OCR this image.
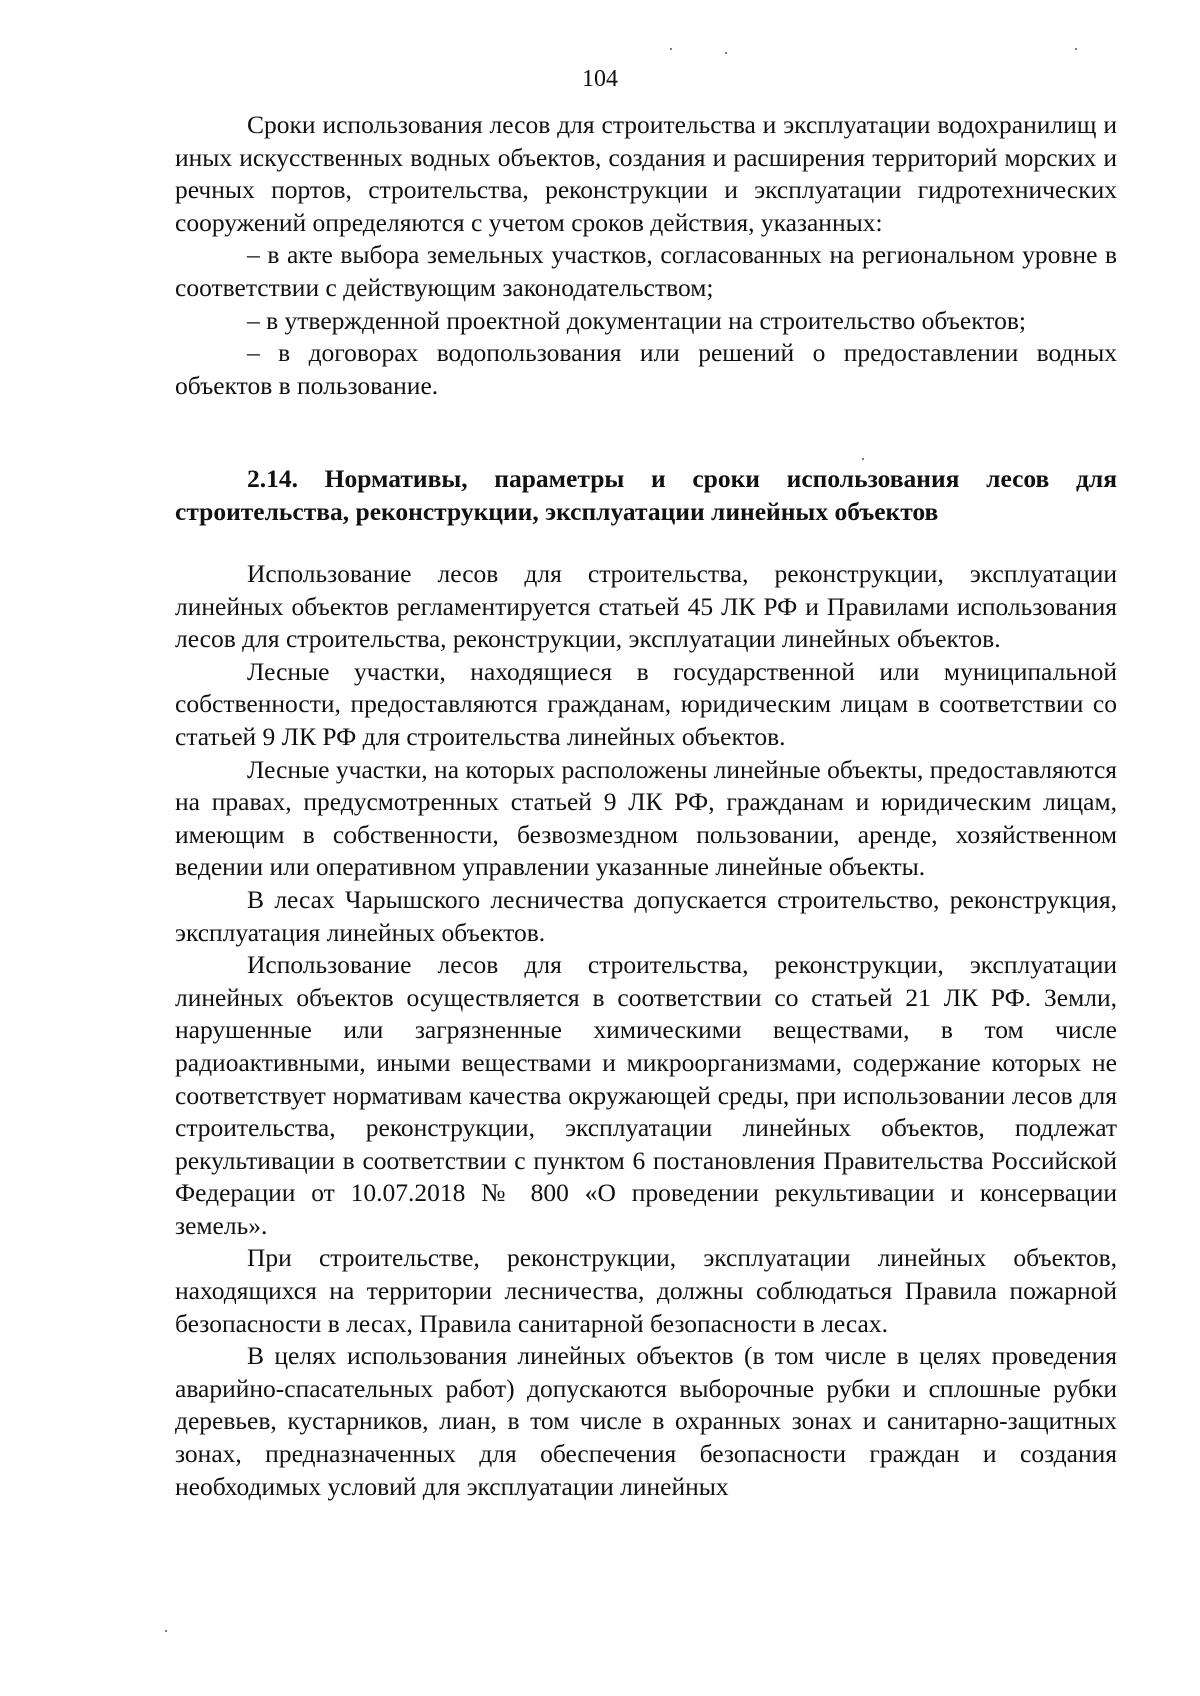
104

Сроки использования лесов для строительства и эксплуатации водохранилищ и иных искусственных водных объектов, создания и расширения территорий морских и речных портов, строительства, реконструкции и эксплуатации гидротехнических сооружений определяются с учетом сроков действия, указанных:

– в акте выбора земельных участков, согласованных на региональном уровне в соответствии с действующим законодательством;

– в утвержденной проектной документации на строительство объектов;

– в договорах водопользования или решений о предоставлении водных объектов в пользование.

2.14. Нормативы, параметры и сроки использования лесов для строительства, реконструкции, эксплуатации линейных объектов

Использование лесов для строительства, реконструкции, эксплуатации линейных объектов регламентируется статьей 45 ЛК РФ и Правилами использования лесов для строительства, реконструкции, эксплуатации линейных объектов.

Лесные участки, находящиеся в государственной или муниципальной собственности, предоставляются гражданам, юридическим лицам в соответствии со статьей 9 ЛК РФ для строительства линейных объектов.

Лесные участки, на которых расположены линейные объекты, предоставляются на правах, предусмотренных статьей 9 ЛК РФ, гражданам и юридическим лицам, имеющим в собственности, безвозмездном пользовании, аренде, хозяйственном ведении или оперативном управлении указанные линейные объекты.

В лесах Чарышского лесничества допускается строительство, реконструкция, эксплуатация линейных объектов.

Использование лесов для строительства, реконструкции, эксплуатации линейных объектов осуществляется в соответствии со статьей 21 ЛК РФ. Земли, нарушенные или загрязненные химическими веществами, в том числе радиоактивными, иными веществами и микроорганизмами, содержание которых не соответствует нормативам качества окружающей среды, при использовании лесов для строительства, реконструкции, эксплуатации линейных объектов, подлежат рекультивации в соответствии с пунктом 6 постановления Правительства Российской Федерации от 10.07.2018 № 800 «О проведении рекультивации и консервации земель».

При строительстве, реконструкции, эксплуатации линейных объектов, находящихся на территории лесничества, должны соблюдаться Правила пожарной безопасности в лесах, Правила санитарной безопасности в лесах.

В целях использования линейных объектов (в том числе в целях проведения аварийно-спасательных работ) допускаются выборочные рубки и сплошные рубки деревьев, кустарников, лиан, в том числе в охранных зонах и санитарно-защитных зонах, предназначенных для обеспечения безопасности граждан и создания необходимых условий для эксплуатации линейных
